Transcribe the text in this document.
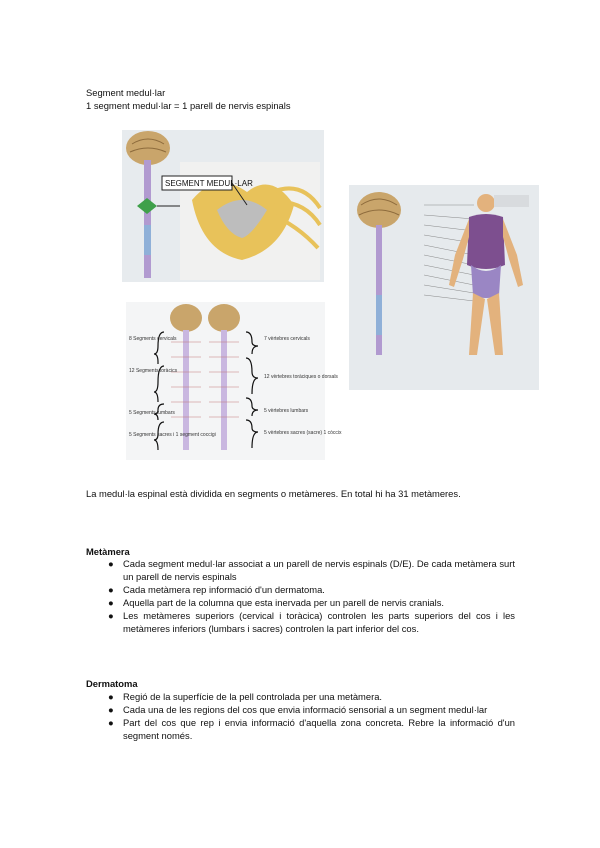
Segment medul·lar
1 segment medul·lar = 1 parell de nervis espinals
SEGMENT MEDUL·LAR
8 Segments cervicals
12 Segments toràcics
5 Segments lumbars
5 Segments sacres i 1 segment coccigi
7 vèrtebres cervicals
12 vèrtebres toràciques o dorsals
5 vèrtebres lumbars
5 vèrtebres sacres (sacre) 1 còccix
La medul·la espinal està dividida en segments o metàmeres. En total hi ha 31 metàmeres.
Metàmera
● Cada segment medul·lar associat a un parell de nervis espinals (D/E). De cada metàmera surt un parell de nervis espinals
● Cada metàmera rep informació d'un dermatoma.
● Aquella part de la columna que esta inervada per un parell de nervis cranials.
● Les metàmeres superiors (cervical i toràcica) controlen les parts superiors del cos i les metàmeres inferiors (lumbars i sacres) controlen la part inferior del cos.
Dermatoma
● Regió de la superfície de la pell controlada per una metàmera.
● Cada una de les regions del cos que envia informació sensorial a un segment medul·lar
● Part del cos que rep i envia informació d'aquella zona concreta. Rebre la informació d'un segment només.
